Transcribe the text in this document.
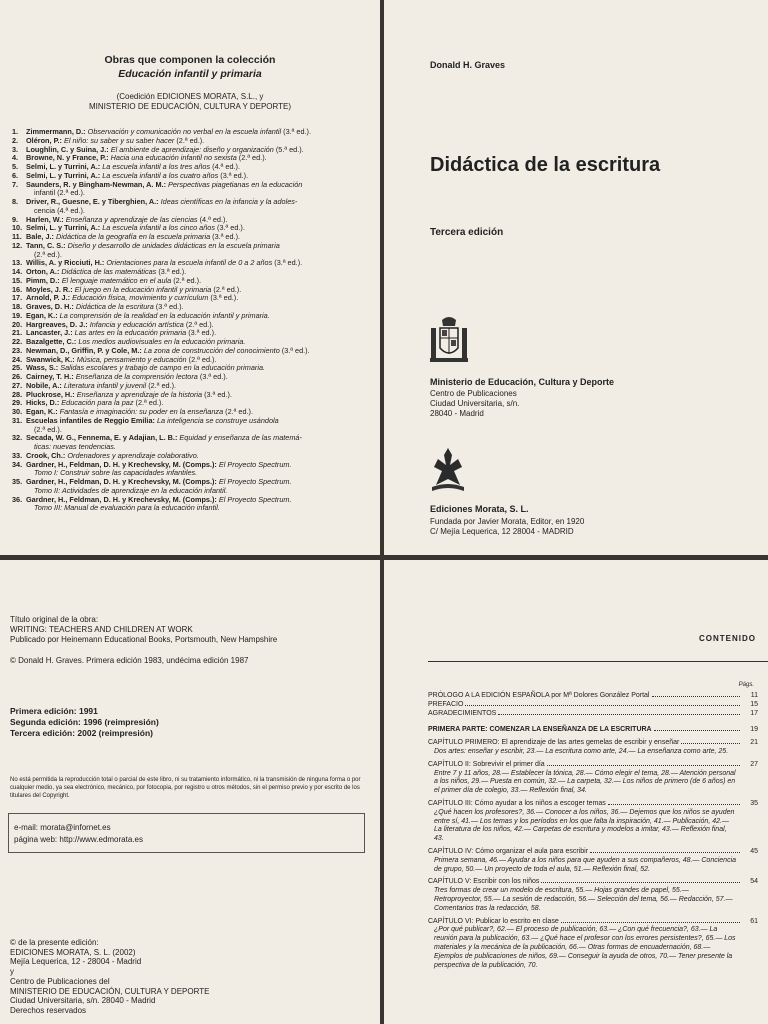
Obras que componen la colección
Educación infantil y primaria
(Coedición EDICIONES MORATA, S.L., y
MINISTERIO DE EDUCACIÓN, CULTURA Y DEPORTE)
1. Zimmermann, D.: Observación y comunicación no verbal en la escuela infantil (3.ª ed.).
2. Oléron, P.: El niño: su saber y su saber hacer (2.ª ed.).
3. Loughlin, C. y Suina, J.: El ambiente de aprendizaje: diseño y organización (5.ª ed.).
4. Browne, N. y France, P.: Hacia una educación infantil no sexista (2.ª ed.).
5. Selmi, L. y Turrini, A.: La escuela infantil a los tres años (4.ª ed.).
6. Selmi, L. y Turrini, A.: La escuela infantil a los cuatro años (3.ª ed.).
7. Saunders, R. y Bingham-Newman, A. M.: Perspectivas piagetianas en la educación
infantil (2.ª ed.).
8. Driver, R., Guesne, E. y Tiberghien, A.: Ideas científicas en la infancia y la adoles-
cencia (4.ª ed.).
9. Harlen, W.: Enseñanza y aprendizaje de las ciencias (4.ª ed.).
10. Selmi, L. y Turrini, A.: La escuela infantil a los cinco años (3.ª ed.).
11. Bale, J.: Didáctica de la geografía en la escuela primaria (3.ª ed.).
12. Tann, C. S.: Diseño y desarrollo de unidades didácticas en la escuela primaria
(2.ª ed.).
13. Willis, A. y Ricciuti, H.: Orientaciones para la escuela infantil de 0 a 2 años (3.ª ed.).
14. Orton, A.: Didáctica de las matemáticas (3.ª ed.).
15. Pimm, D.: El lenguaje matemático en el aula (2.ª ed.).
16. Moyles, J. R.: El juego en la educación infantil y primaria (2.ª ed.).
17. Arnold, P. J.: Educación física, movimiento y currículum (3.ª ed.).
18. Graves, D. H.: Didáctica de la escritura (3.ª ed.).
19. Egan, K.: La comprensión de la realidad en la educación infantil y primaria.
20. Hargreaves, D. J.: Infancia y educación artística (2.ª ed.).
21. Lancaster, J.: Las artes en la educación primaria (3.ª ed.).
22. Bazalgette, C.: Los medios audiovisuales en la educación primaria.
23. Newman, D., Griffin, P. y Cole, M.: La zona de construcción del conocimiento (3.ª ed.).
24. Swanwick, K.: Música, pensamiento y educación (2.ª ed.).
25. Wass, S.: Salidas escolares y trabajo de campo en la educación primaria.
26. Cairney, T. H.: Enseñanza de la comprensión lectora (3.ª ed.).
27. Nobile, A.: Literatura infantil y juvenil (2.ª ed.).
28. Pluckrose, H.: Enseñanza y aprendizaje de la historia (3.ª ed.).
29. Hicks, D.: Educación para la paz (2.ª ed.).
30. Egan, K.: Fantasía e imaginación: su poder en la enseñanza (2.ª ed.).
31. Escuelas infantiles de Reggio Emilia: La inteligencia se construye usándola
(2.ª ed.).
32. Secada, W. G., Fennema, E. y Adajian, L. B.: Equidad y enseñanza de las matemá-
ticas: nuevas tendencias.
33. Crook, Ch.: Ordenadores y aprendizaje colaborativo.
34. Gardner, H., Feldman, D. H. y Krechevsky, M. (Comps.): El Proyecto Spectrum.
Tomo I: Construir sobre las capacidades infantiles.
35. Gardner, H., Feldman, D. H. y Krechevsky, M. (Comps.): El Proyecto Spectrum.
Tomo II: Actividades de aprendizaje en la educación infantil.
36. Gardner, H., Feldman, D. H. y Krechevsky, M. (Comps.): El Proyecto Spectrum.
Tomo III: Manual de evaluación para la educación infantil.
Donald H. Graves
Didáctica de la escritura
Tercera edición
Ministerio de Educación, Cultura y Deporte
Centro de Publicaciones
Ciudad Universitaria, s/n.
28040 - Madrid
Ediciones Morata, S. L.
Fundada por Javier Morata, Editor, en 1920
C/ Mejía Lequerica, 12 28004 - MADRID
Título original de la obra:
WRITING: TEACHERS AND CHILDREN AT WORK
Publicado por Heinemann Educational Books, Portsmouth, New Hampshire
© Donald H. Graves. Primera edición 1983, undécima edición 1987
Primera edición: 1991
Segunda edición: 1996 (reimpresión)
Tercera edición: 2002 (reimpresión)
No está permitida la reproducción total o parcial de este libro, ni su tratamiento informático, ni la transmisión de ninguna forma o por cualquier medio, ya sea electrónico, mecánico, por fotocopia, por registro u otros métodos, sin el permiso previo y por escrito de los titulares del Copyright.
e-mail: morata@infornet.es
página web: http://www.edmorata.es
© de la presente edición:
EDICIONES MORATA, S. L. (2002)
Mejía Lequerica, 12 - 28004 - Madrid
y
Centro de Publicaciones del
MINISTERIO DE EDUCACIÓN, CULTURA Y DEPORTE
Ciudad Universitaria, s/n. 28040 - Madrid
Derechos reservados
CONTENIDO
Págs.
PRÓLOGO A LA EDICIÓN ESPAÑOLA por Mª Dolores González Portal	11
PREFACIO	15
AGRADECIMIENTOS	17
PRIMERA PARTE: COMENZAR LA ENSEÑANZA DE LA ESCRITURA	19
CAPÍTULO PRIMERO: El aprendizaje de las artes gemelas de escribir y enseñar	21
Dos artes: enseñar y escribir, 23.— La escritura como arte, 24.— La enseñanza como arte, 25.
CAPÍTULO II: Sobrevivir el primer día	27
Entre 7 y 11 años, 28.— Establecer la tónica, 28.— Cómo elegir el tema, 28.— Atención personal a los niños, 29.— Puesta en común, 32.— La carpeta, 32.— Los niños de primero (de 6 años) en el primer día de colegio, 33.— Reflexión final, 34.
CAPÍTULO III: Cómo ayudar a los niños a escoger temas	35
¿Qué hacen los profesores?, 36.— Conocer a los niños, 36.— Dejemos que los niños se ayuden entre sí, 41.— Los temas y los períodos en los que falta la inspiración, 41.— Publicación, 42.— La literatura de los niños, 42.— Carpetas de escritura y modelos a imitar, 43.— Reflexión final, 43.
CAPÍTULO IV: Cómo organizar el aula para escribir	45
Primera semana, 46.— Ayudar a los niños para que ayuden a sus compañeros, 48.— Conciencia de grupo, 50.— Un proyecto de toda el aula, 51.— Reflexión final, 52.
CAPÍTULO V: Escribir con los niños	54
Tres formas de crear un modelo de escritura, 55.— Hojas grandes de papel, 55.— Retroproyector, 55.— La sesión de redacción, 56.— Selección del tema, 56.— Redacción, 57.— Comentarios tras la redacción, 58.
CAPÍTULO VI: Publicar lo escrito en clase	61
¿Por qué publicar?, 62.— El proceso de publicación, 63.— ¿Con qué frecuencia?, 63.— La reunión para la publicación, 63.— ¿Qué hace el profesor con los errores persistentes?, 65.— Los materiales y la mecánica de la publicación, 66.— Otras formas de encuadernación, 68.— Ejemplos de publicaciones de niños, 69.— Conseguir la ayuda de otros, 70.— Tener presente la perspectiva de la publicación, 70.
